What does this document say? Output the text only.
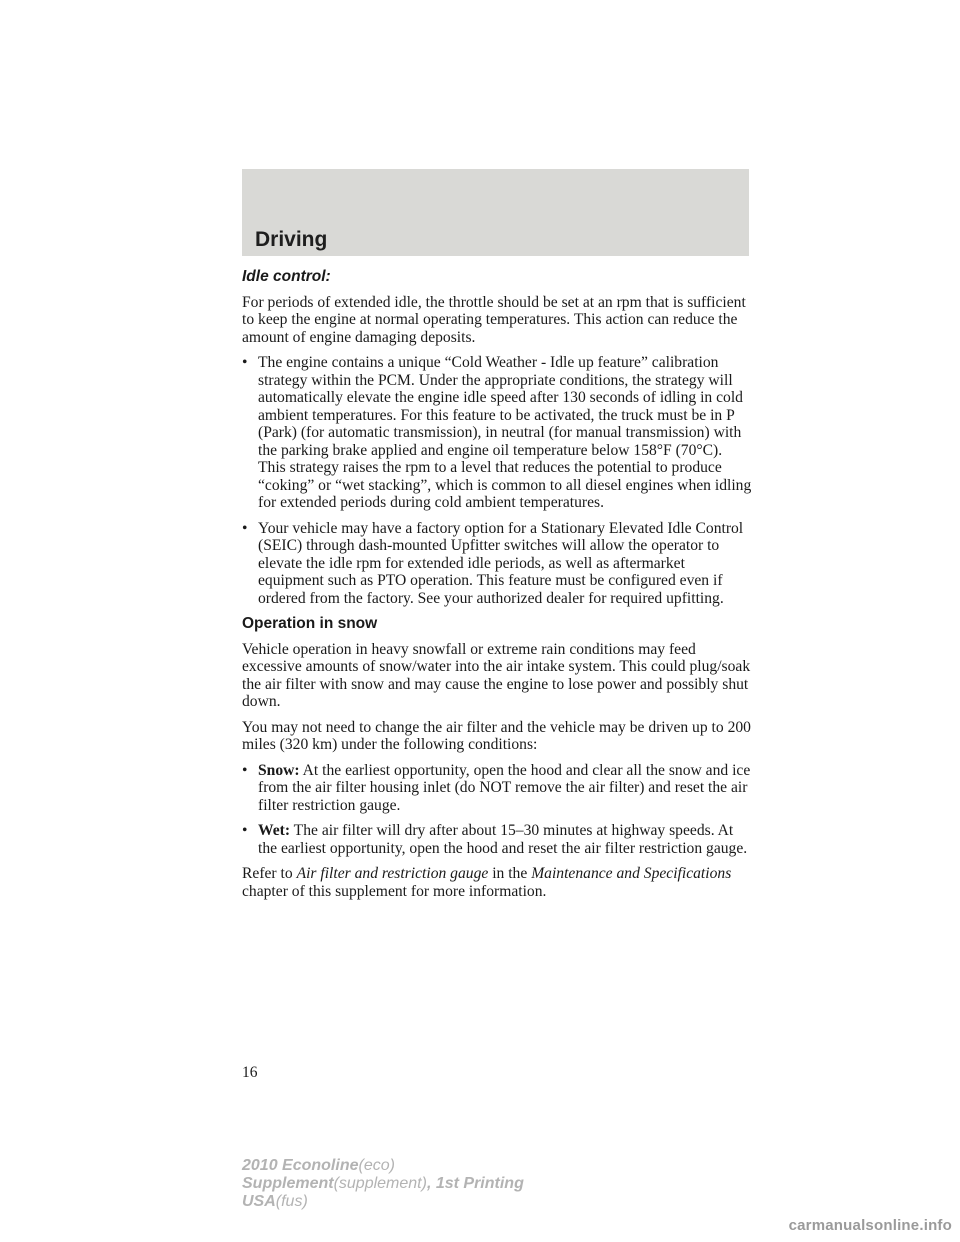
Driving

Idle control:

For periods of extended idle, the throttle should be set at an rpm that is sufficient to keep the engine at normal operating temperatures. This action can reduce the amount of engine damaging deposits.

• The engine contains a unique “Cold Weather - Idle up feature” calibration strategy within the PCM. Under the appropriate conditions, the strategy will automatically elevate the engine idle speed after 130 seconds of idling in cold ambient temperatures. For this feature to be activated, the truck must be in P (Park) (for automatic transmission), in neutral (for manual transmission) with the parking brake applied and engine oil temperature below 158°F (70°C). This strategy raises the rpm to a level that reduces the potential to produce “coking” or “wet stacking”, which is common to all diesel engines when idling for extended periods during cold ambient temperatures.
• Your vehicle may have a factory option for a Stationary Elevated Idle Control (SEIC) through dash-mounted Upfitter switches will allow the operator to elevate the idle rpm for extended idle periods, as well as aftermarket equipment such as PTO operation. This feature must be configured even if ordered from the factory. See your authorized dealer for required upfitting.

Operation in snow

Vehicle operation in heavy snowfall or extreme rain conditions may feed excessive amounts of snow/water into the air intake system. This could plug/soak the air filter with snow and may cause the engine to lose power and possibly shut down.

You may not need to change the air filter and the vehicle may be driven up to 200 miles (320 km) under the following conditions:

• Snow: At the earliest opportunity, open the hood and clear all the snow and ice from the air filter housing inlet (do NOT remove the air filter) and reset the air filter restriction gauge.
• Wet: The air filter will dry after about 15–30 minutes at highway speeds. At the earliest opportunity, open the hood and reset the air filter restriction gauge.

Refer to Air filter and restriction gauge in the Maintenance and Specifications chapter of this supplement for more information.

16
2010 Econoline(eco)
Supplement(supplement), 1st Printing
USA(fus)
carmanualsonline.info
